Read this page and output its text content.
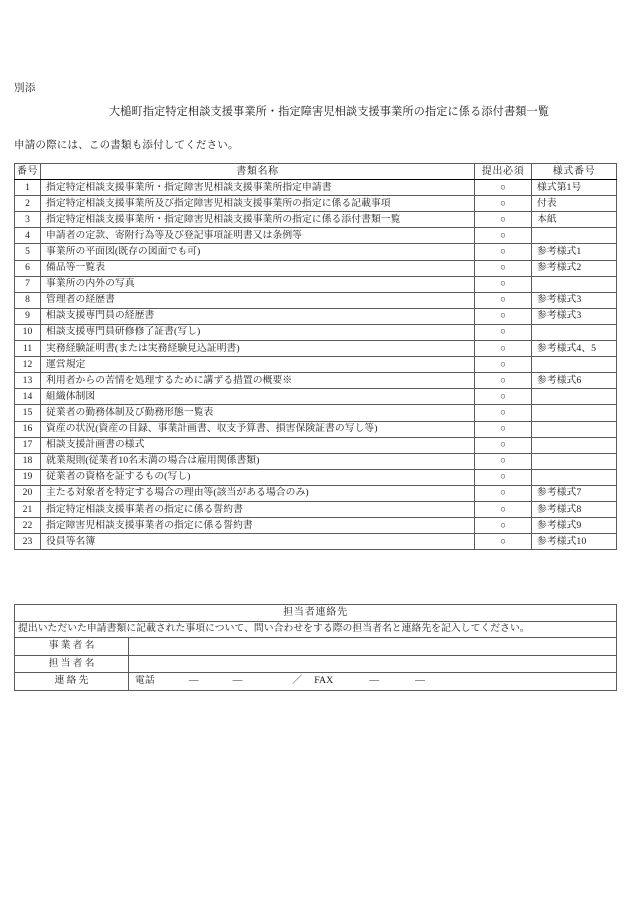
別添
大槌町指定特定相談支援事業所・指定障害児相談支援事業所の指定に係る添付書類一覧
申請の際には、この書類も添付してください。
番号	書類名称	提出必須	様式番号
1	指定特定相談支援事業所・指定障害児相談支援事業所指定申請書	○	様式第1号
2	指定特定相談支援事業所及び指定障害児相談支援事業所の指定に係る記載事項	○	付表
3	指定特定相談支援事業所・指定障害児相談支援事業所の指定に係る添付書類一覧	○	本紙
4	申請者の定款、寄附行為等及び登記事項証明書又は条例等	○	
5	事業所の平面図(既存の図面でも可)	○	参考様式1
6	備品等一覧表	○	参考様式2
7	事業所の内外の写真	○	
8	管理者の経歴書	○	参考様式3
9	相談支援専門員の経歴書	○	参考様式3
10	相談支援専門員研修修了証書(写し)	○	
11	実務経験証明書(または実務経験見込証明書)	○	参考様式4、5
12	運営規定	○	
13	利用者からの苦情を処理するために講ずる措置の概要※	○	参考様式6
14	組織体制図	○	
15	従業者の勤務体制及び勤務形態一覧表	○	
16	資産の状況(資産の目録、事業計画書、収支予算書、損害保険証書の写し等)	○	
17	相談支援計画書の様式	○	
18	就業規則(従業者10名未満の場合は雇用関係書類)	○	
19	従業者の資格を証するもの(写し)	○	
20	主たる対象者を特定する場合の理由等(該当がある場合のみ)	○	参考様式7
21	指定特定相談支援事業者の指定に係る誓約書	○	参考様式8
22	指定障害児相談支援事業者の指定に係る誓約書	○	参考様式9
23	役員等名簿	○	参考様式10
担当者連絡先	
提出いただいた申請書類に記載された事項について、問い合わせをする際の担当者名と連絡先を記入してください。	
事業者名	
担当者名	
連絡先	電話	—	—	／ FAX	—	—
